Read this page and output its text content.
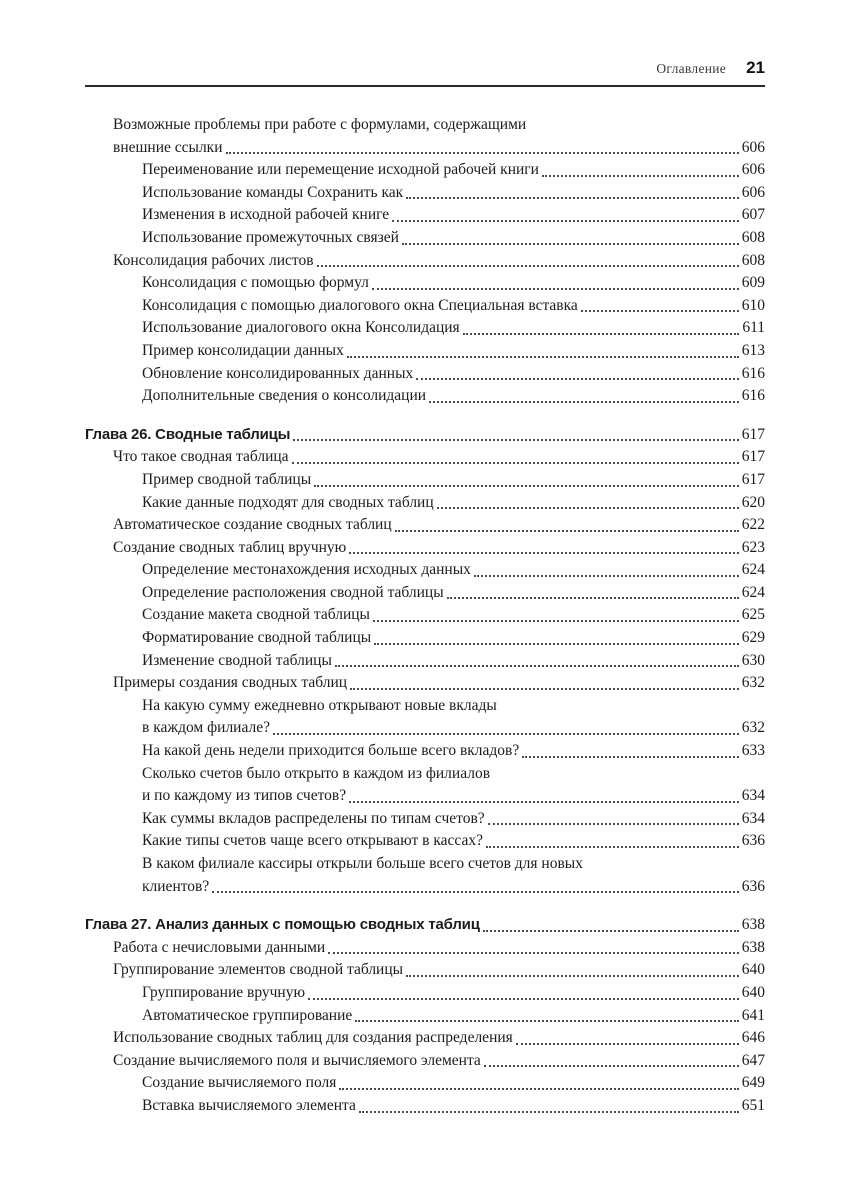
Оглавление 21
Возможные проблемы при работе с формулами, содержащими
внешние ссылки	606
Переименование или перемещение исходной рабочей книги	606
Использование команды Сохранить как	606
Изменения в исходной рабочей книге	607
Использование промежуточных связей	608
Консолидация рабочих листов	608
Консолидация с помощью формул	609
Консолидация с помощью диалогового окна Специальная вставка	610
Использование диалогового окна Консолидация	611
Пример консолидации данных	613
Обновление консолидированных данных	616
Дополнительные сведения о консолидации	616
Глава 26. Сводные таблицы	617
Что такое сводная таблица	617
Пример сводной таблицы	617
Какие данные подходят для сводных таблиц	620
Автоматическое создание сводных таблиц	622
Создание сводных таблиц вручную	623
Определение местонахождения исходных данных	624
Определение расположения сводной таблицы	624
Создание макета сводной таблицы	625
Форматирование сводной таблицы	629
Изменение сводной таблицы	630
Примеры создания сводных таблиц	632
На какую сумму ежедневно открывают новые вклады
в каждом филиале?	632
На какой день недели приходится больше всего вкладов?	633
Сколько счетов было открыто в каждом из филиалов
и по каждому из типов счетов?	634
Как суммы вкладов распределены по типам счетов?	634
Какие типы счетов чаще всего открывают в кассах?	636
В каком филиале кассиры открыли больше всего счетов для новых
клиентов?	636
Глава 27. Анализ данных с помощью сводных таблиц	638
Работа с нечисловыми данными	638
Группирование элементов сводной таблицы	640
Группирование вручную	640
Автоматическое группирование	641
Использование сводных таблиц для создания распределения	646
Создание вычисляемого поля и вычисляемого элемента	647
Создание вычисляемого поля	649
Вставка вычисляемого элемента	651
